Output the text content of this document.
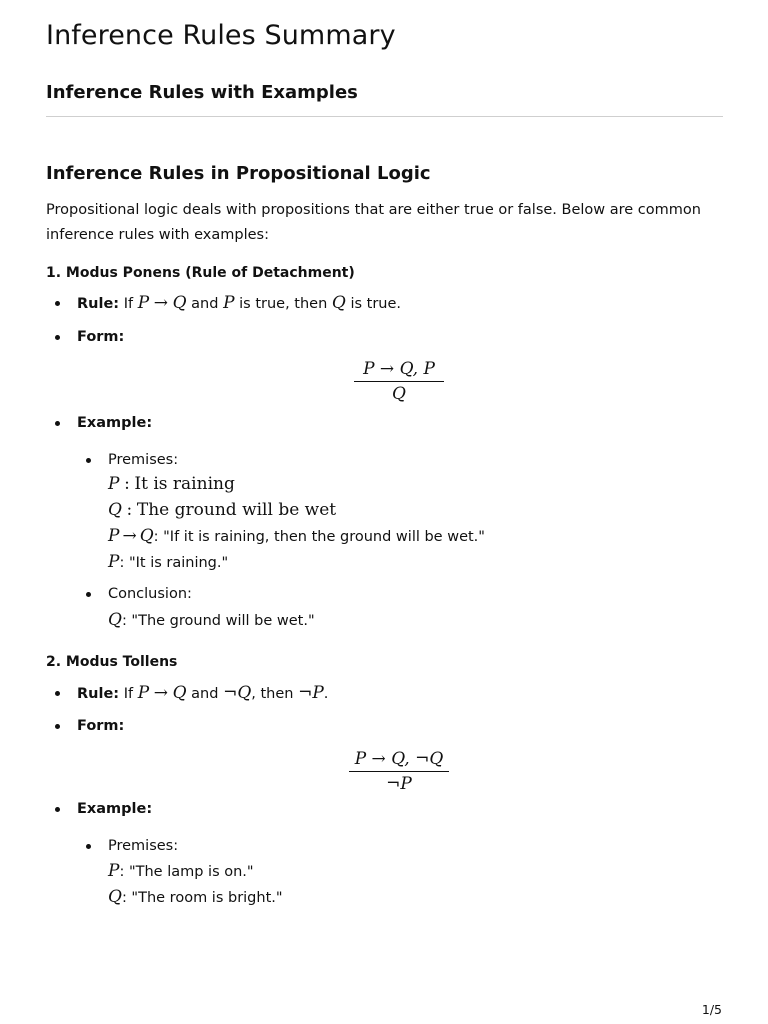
Inference Rules Summary
Inference Rules with Examples
Inference Rules in Propositional Logic

Propositional logic deals with propositions that are either true or false. Below are common inference rules with examples:

1. Modus Ponens (Rule of Detachment)
Rule: If P → Q and P is true, then Q is true.
Form:
$\frac{P \to Q, P}{Q}$
Example:
Premises:
P : It is raining
Q : The ground will be wet
P → Q: "If it is raining, then the ground will be wet."
P: "It is raining."
Conclusion:
Q: "The ground will be wet."
2. Modus Tollens
Rule: If P → Q and ¬Q, then ¬P.
Form:
$\frac{P \to Q, \neg Q}{\neg P}$
Example:
Premises:
P: "The lamp is on."
Q: "The room is bright."
1/5
